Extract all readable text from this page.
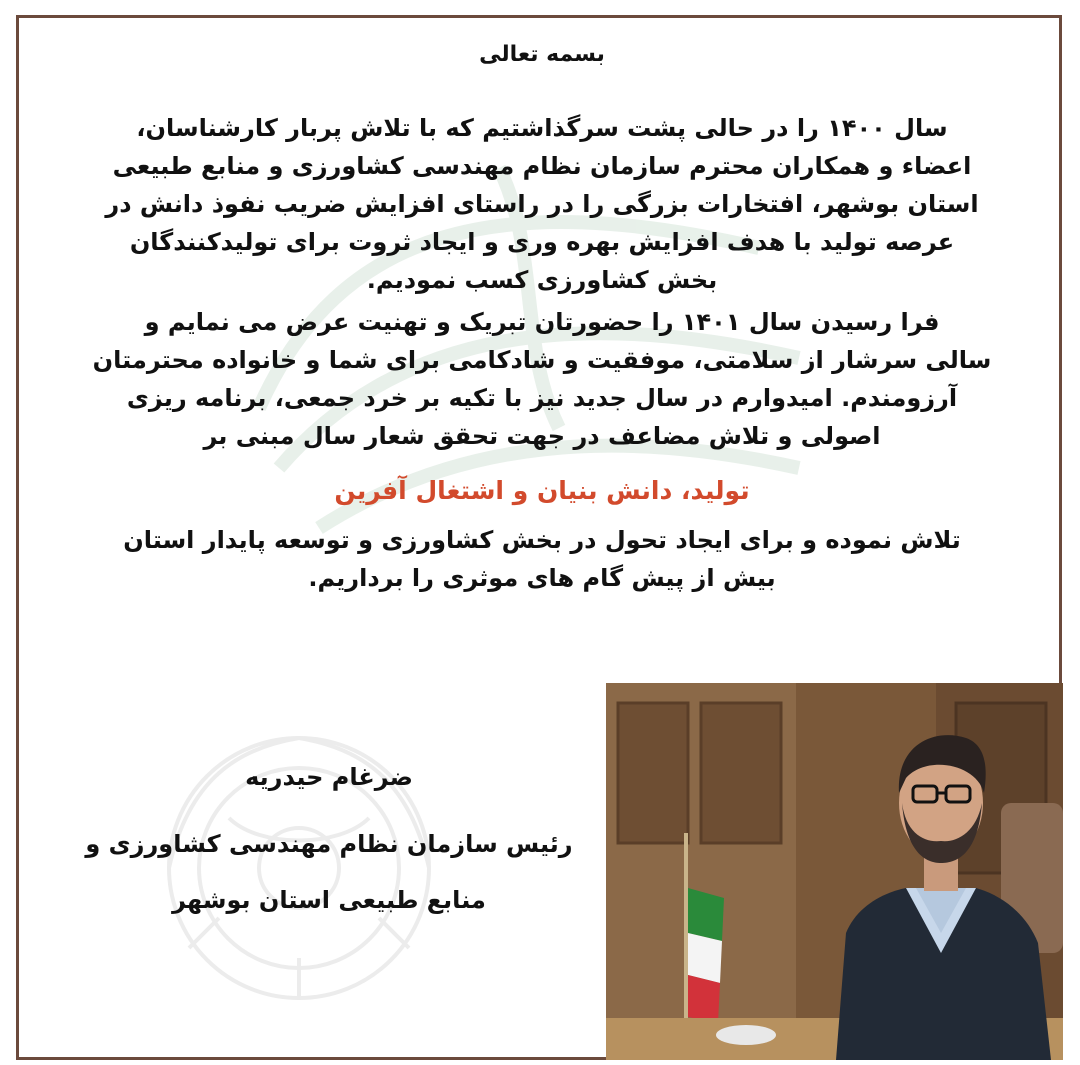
بسمه تعالی

سال ۱۴۰۰ را در حالی پشت سرگذاشتیم که با تلاش پربار کارشناسان،

اعضاء و همکاران محترم سازمان نظام مهندسی کشاورزی و منابع طبیعی

استان بوشهر، افتخارات بزرگی را در راستای افزایش ضریب نفوذ دانش در

عرصه تولید با هدف افزایش بهره وری و ایجاد ثروت برای تولیدکنندگان

بخش کشاورزی کسب نمودیم.

فرا رسیدن سال ۱۴۰۱ را حضورتان تبریک و تهنیت عرض می نمایم و

سالی سرشار از سلامتی، موفقیت و شادکامی برای شما و خانواده محترمتان

آرزومندم. امیدوارم در سال جدید نیز با تکیه بر خرد جمعی، برنامه ریزی

اصولی و تلاش مضاعف در جهت تحقق شعار سال مبنی بر

تولید، دانش بنیان و اشتغال آفرین

تلاش نموده و برای ایجاد تحول در بخش کشاورزی و توسعه پایدار استان

بیش از پیش گام های موثری را برداریم.

ضرغام حیدریه

رئیس سازمان نظام مهندسی کشاورزی و

منابع طبیعی استان بوشهر
